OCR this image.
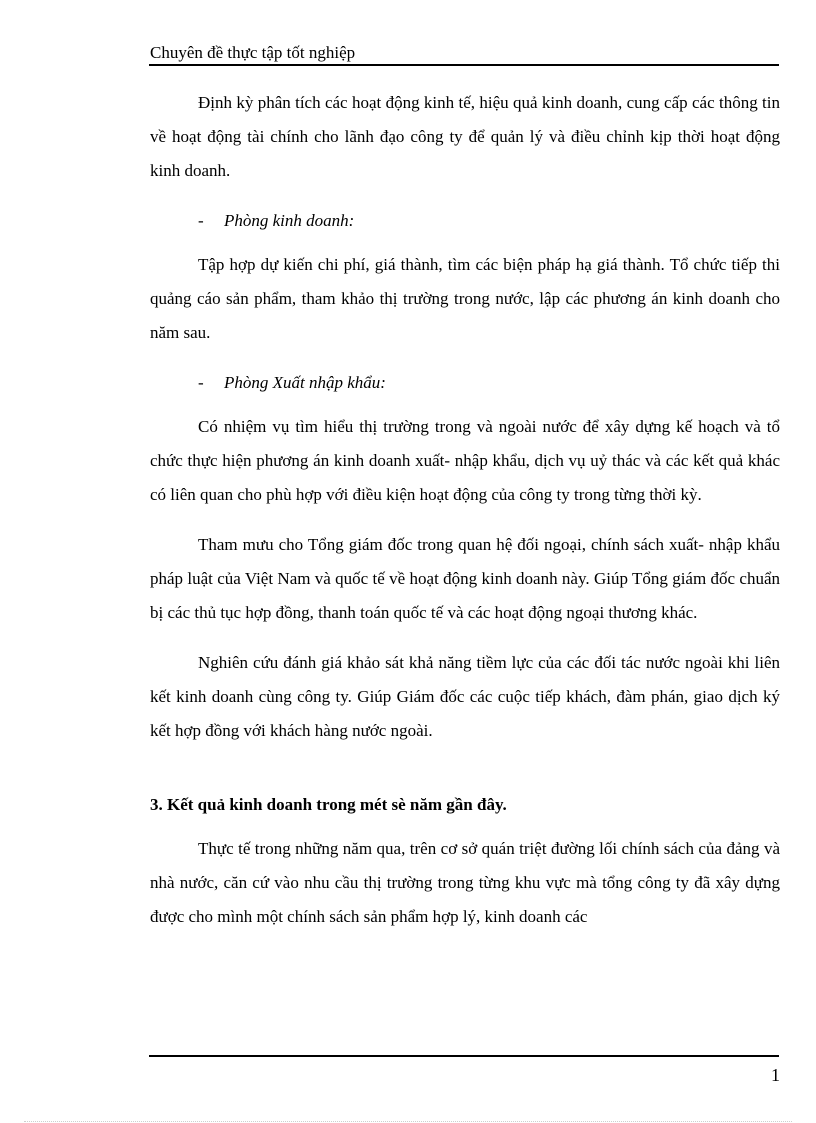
Chuyên đề thực tập tốt nghiệp

Định kỳ phân tích các hoạt động kinh tế, hiệu quả kinh doanh, cung cấp các thông tin về hoạt động tài chính cho lãnh đạo công ty để quản lý và điều chỉnh kịp thời hoạt động kinh doanh.

-	Phòng kinh doanh:

Tập hợp dự kiến chi phí, giá thành, tìm các biện pháp hạ giá thành. Tổ chức tiếp thi quảng cáo sản phẩm, tham khảo thị trường trong nước, lập các phương án kinh doanh cho năm sau.

-	Phòng Xuất nhập khẩu:

Có nhiệm vụ tìm hiểu thị trường trong và ngoài nước để xây dựng kế hoạch và tổ chức thực hiện phương án kinh doanh xuất- nhập khẩu, dịch vụ uỷ thác và các kết quả khác có liên quan cho phù hợp với điều kiện hoạt động của công ty trong từng thời kỳ.

Tham mưu cho Tổng giám đốc trong quan hệ đối ngoại, chính sách xuất- nhập khẩu pháp luật của Việt Nam và quốc tế về hoạt động kinh doanh này. Giúp Tổng giám đốc chuẩn bị các thủ tục hợp đồng, thanh toán quốc tế và các hoạt động ngoại thương khác.

Nghiên cứu đánh giá khảo sát khả năng tiềm lực của các đối tác nước ngoài khi liên kết kinh doanh cùng công ty. Giúp Giám đốc các cuộc tiếp khách, đàm phán, giao dịch ký kết hợp đồng với khách hàng nước ngoài.

3. Kết quả kinh doanh trong mét sè năm gần đây.

Thực tế trong những năm qua, trên cơ sở quán triệt đường lối chính sách của đảng và nhà nước, căn cứ vào nhu cầu thị trường trong từng khu vực mà tổng công ty đã xây dựng được cho mình một chính sách sản phẩm hợp lý, kinh doanh các

1
